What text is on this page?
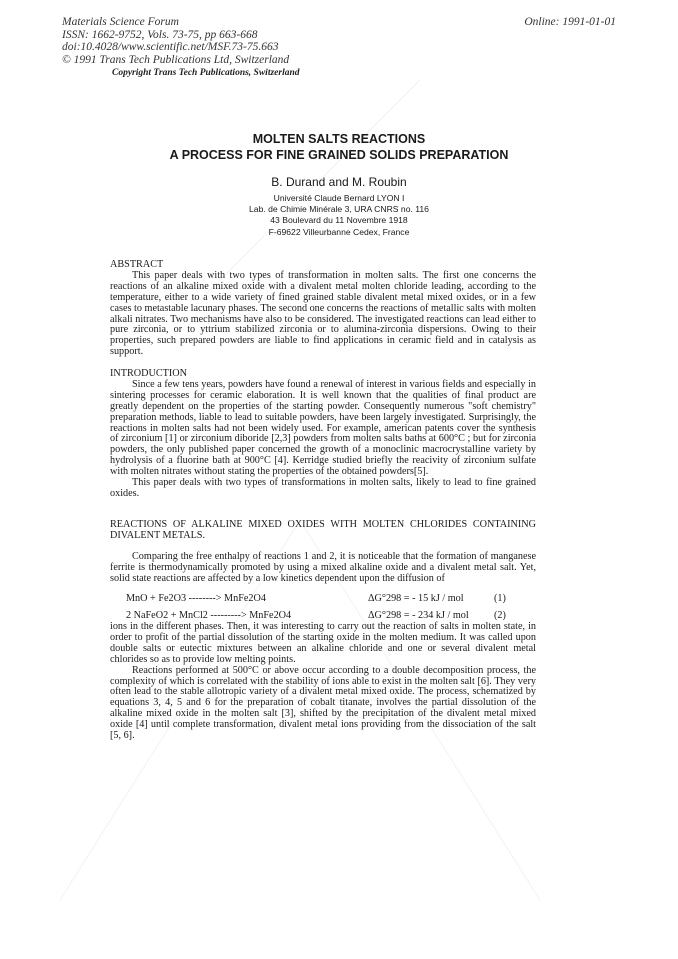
Materials Science Forum
ISSN: 1662-9752, Vols. 73-75, pp 663-668
doi:10.4028/www.scientific.net/MSF.73-75.663
© 1991 Trans Tech Publications Ltd, Switzerland
Online: 1991-01-01
Copyright Trans Tech Publications, Switzerland
MOLTEN SALTS REACTIONS
A PROCESS FOR FINE GRAINED SOLIDS PREPARATION
B. Durand and M. Roubin
Université Claude Bernard LYON I
Lab. de Chimie Minérale 3, URA CNRS no. 116
43 Boulevard du 11 Novembre 1918
F-69622 Villeurbanne Cedex, France

ABSTRACT

This paper deals with two types of transformation in molten salts. The first one concerns the reactions of an alkaline mixed oxide with a divalent metal molten chloride leading, according to the temperature, either to a wide variety of fined grained stable divalent metal mixed oxides, or in a few cases to metastable lacunary phases. The second one concerns the reactions of metallic salts with molten alkali nitrates. Two mechanisms have also to be considered. The investigated reactions can lead either to pure zirconia, or to yttrium stabilized zirconia or to alumina-zirconia dispersions. Owing to their properties, such prepared powders are liable to find applications in ceramic field and in catalysis as support.

INTRODUCTION

Since a few tens years, powders have found a renewal of interest in various fields and especially in sintering processes for ceramic elaboration. It is well known that the qualities of final product are greatly dependent on the properties of the starting powder. Consequently numerous "soft chemistry" preparation methods, liable to lead to suitable powders, have been largely investigated. Surprisingly, the reactions in molten salts had not been widely used. For example, american patents cover the synthesis of zirconium [1] or zirconium diboride [2,3] powders from molten salts baths at 600°C ; but for zirconia powders, the only published paper concerned the growth of a monoclinic macrocrystalline variety by hydrolysis of a fluorine bath at 900°C [4]. Kerridge studied briefly the reacivity of zirconium sulfate with molten nitrates without stating the properties of the obtained powders[5].

This paper deals with two types of transformations in molten salts, likely to lead to fine grained oxides.

REACTIONS OF ALKALINE MIXED OXIDES WITH MOLTEN CHLORIDES CONTAINING DIVALENT METALS.

Comparing the free enthalpy of reactions 1 and 2, it is noticeable that the formation of manganese ferrite is thermodynamically promoted by using a mixed alkaline oxide and a divalent metal salt. Yet, solid state reactions are affected by a low kinetics dependent upon the diffusion of

MnO + Fe2O3 --------> MnFe2O4	ΔG°298 = - 15 kJ / mol	(1)
2 NaFeO2 + MnCl2 ---------> MnFe2O4	ΔG°298 = - 234 kJ / mol (2)

ions in the different phases. Then, it was interesting to carry out the reaction of salts in molten state, in order to profit of the partial dissolution of the starting oxide in the molten medium. It was called upon double salts or eutectic mixtures between an alkaline chloride and one or several divalent metal chlorides so as to provide low melting points.

Reactions performed at 500°C or above occur according to a double decomposition process, the complexity of which is correlated with the stability of ions able to exist in the molten salt [6]. They very often lead to the stable allotropic variety of a divalent metal mixed oxide. The process, schematized by equations 3, 4, 5 and 6 for the preparation of cobalt titanate, involves the partial dissolution of the alkaline mixed oxide in the molten salt [3], shifted by the precipitation of the divalent metal mixed oxide [4] until complete transformation, divalent metal ions providing from the dissociation of the salt [5, 6].
